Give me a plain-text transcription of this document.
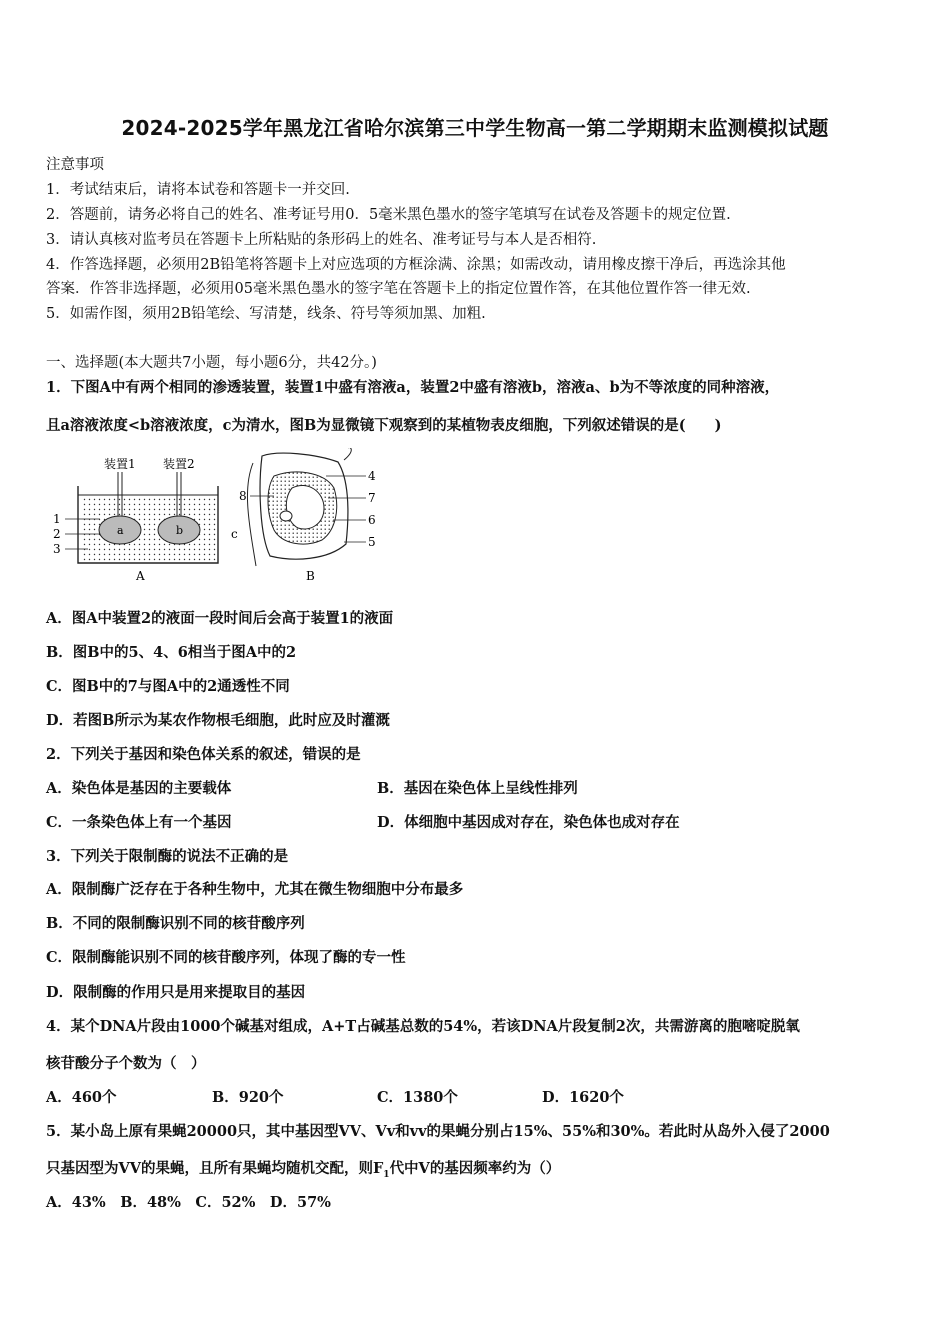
2024-2025学年黑龙江省哈尔滨第三中学生物高一第二学期期末监测模拟试题
注意事项
1．考试结束后，请将本试卷和答题卡一并交回.
2．答题前，请务必将自己的姓名、准考证号用0．5毫米黑色墨水的签字笔填写在试卷及答题卡的规定位置.
3．请认真核对监考员在答题卡上所粘贴的条形码上的姓名、准考证号与本人是否相符.
4．作答选择题，必须用2B铅笔将答题卡上对应选项的方框涂满、涂黑；如需改动，请用橡皮擦干净后，再选涂其他
答案．作答非选择题，必须用05毫米黑色墨水的签字笔在答题卡上的指定位置作答，在其他位置作答一律无效.
5．如需作图，须用2B铅笔绘、写清楚，线条、符号等须加黑、加粗.
一、选择题(本大题共7小题，每小题6分，共42分。)
1．下图A中有两个相同的渗透装置，装置1中盛有溶液a，装置2中盛有溶液b，溶液a、b为不等浓度的同种溶液，
且a溶液浓度<b溶液浓度，c为清水，图B为显微镜下观察到的某植物表皮细胞，下列叙述错误的是(　　)
装置1 装置2
a	b	c
1
2
3
A
4
7
6
5
8
B
A．图A中装置2的液面一段时间后会高于装置1的液面
B．图B中的5、4、6相当于图A中的2
C．图B中的7与图A中的2通透性不同
D．若图B所示为某农作物根毛细胞，此时应及时灌溉
2．下列关于基因和染色体关系的叙述，错误的是
A．染色体是基因的主要载体	B．基因在染色体上呈线性排列
C．一条染色体上有一个基因	D．体细胞中基因成对存在，染色体也成对存在
3．下列关于限制酶的说法不正确的是
A．限制酶广泛存在于各种生物中，尤其在微生物细胞中分布最多
B．不同的限制酶识别不同的核苷酸序列
C．限制酶能识别不同的核苷酸序列，体现了酶的专一性
D．限制酶的作用只是用来提取目的基因
4．某个DNA片段由1000个碱基对组成，A+T占碱基总数的54%，若该DNA片段复制2次，共需游离的胞嘧啶脱氧
核苷酸分子个数为（　）
A．460个	B．920个	C．1380个	D．1620个
5．某小岛上原有果蝇20000只，其中基因型VV、Vv和vv的果蝇分别占15%、55%和30%。若此时从岛外入侵了2000
只基因型为VV的果蝇，且所有果蝇均随机交配，则$F_1$代中V的基因频率约为（）
A．43%　B．48%　C．52%　D．57%
